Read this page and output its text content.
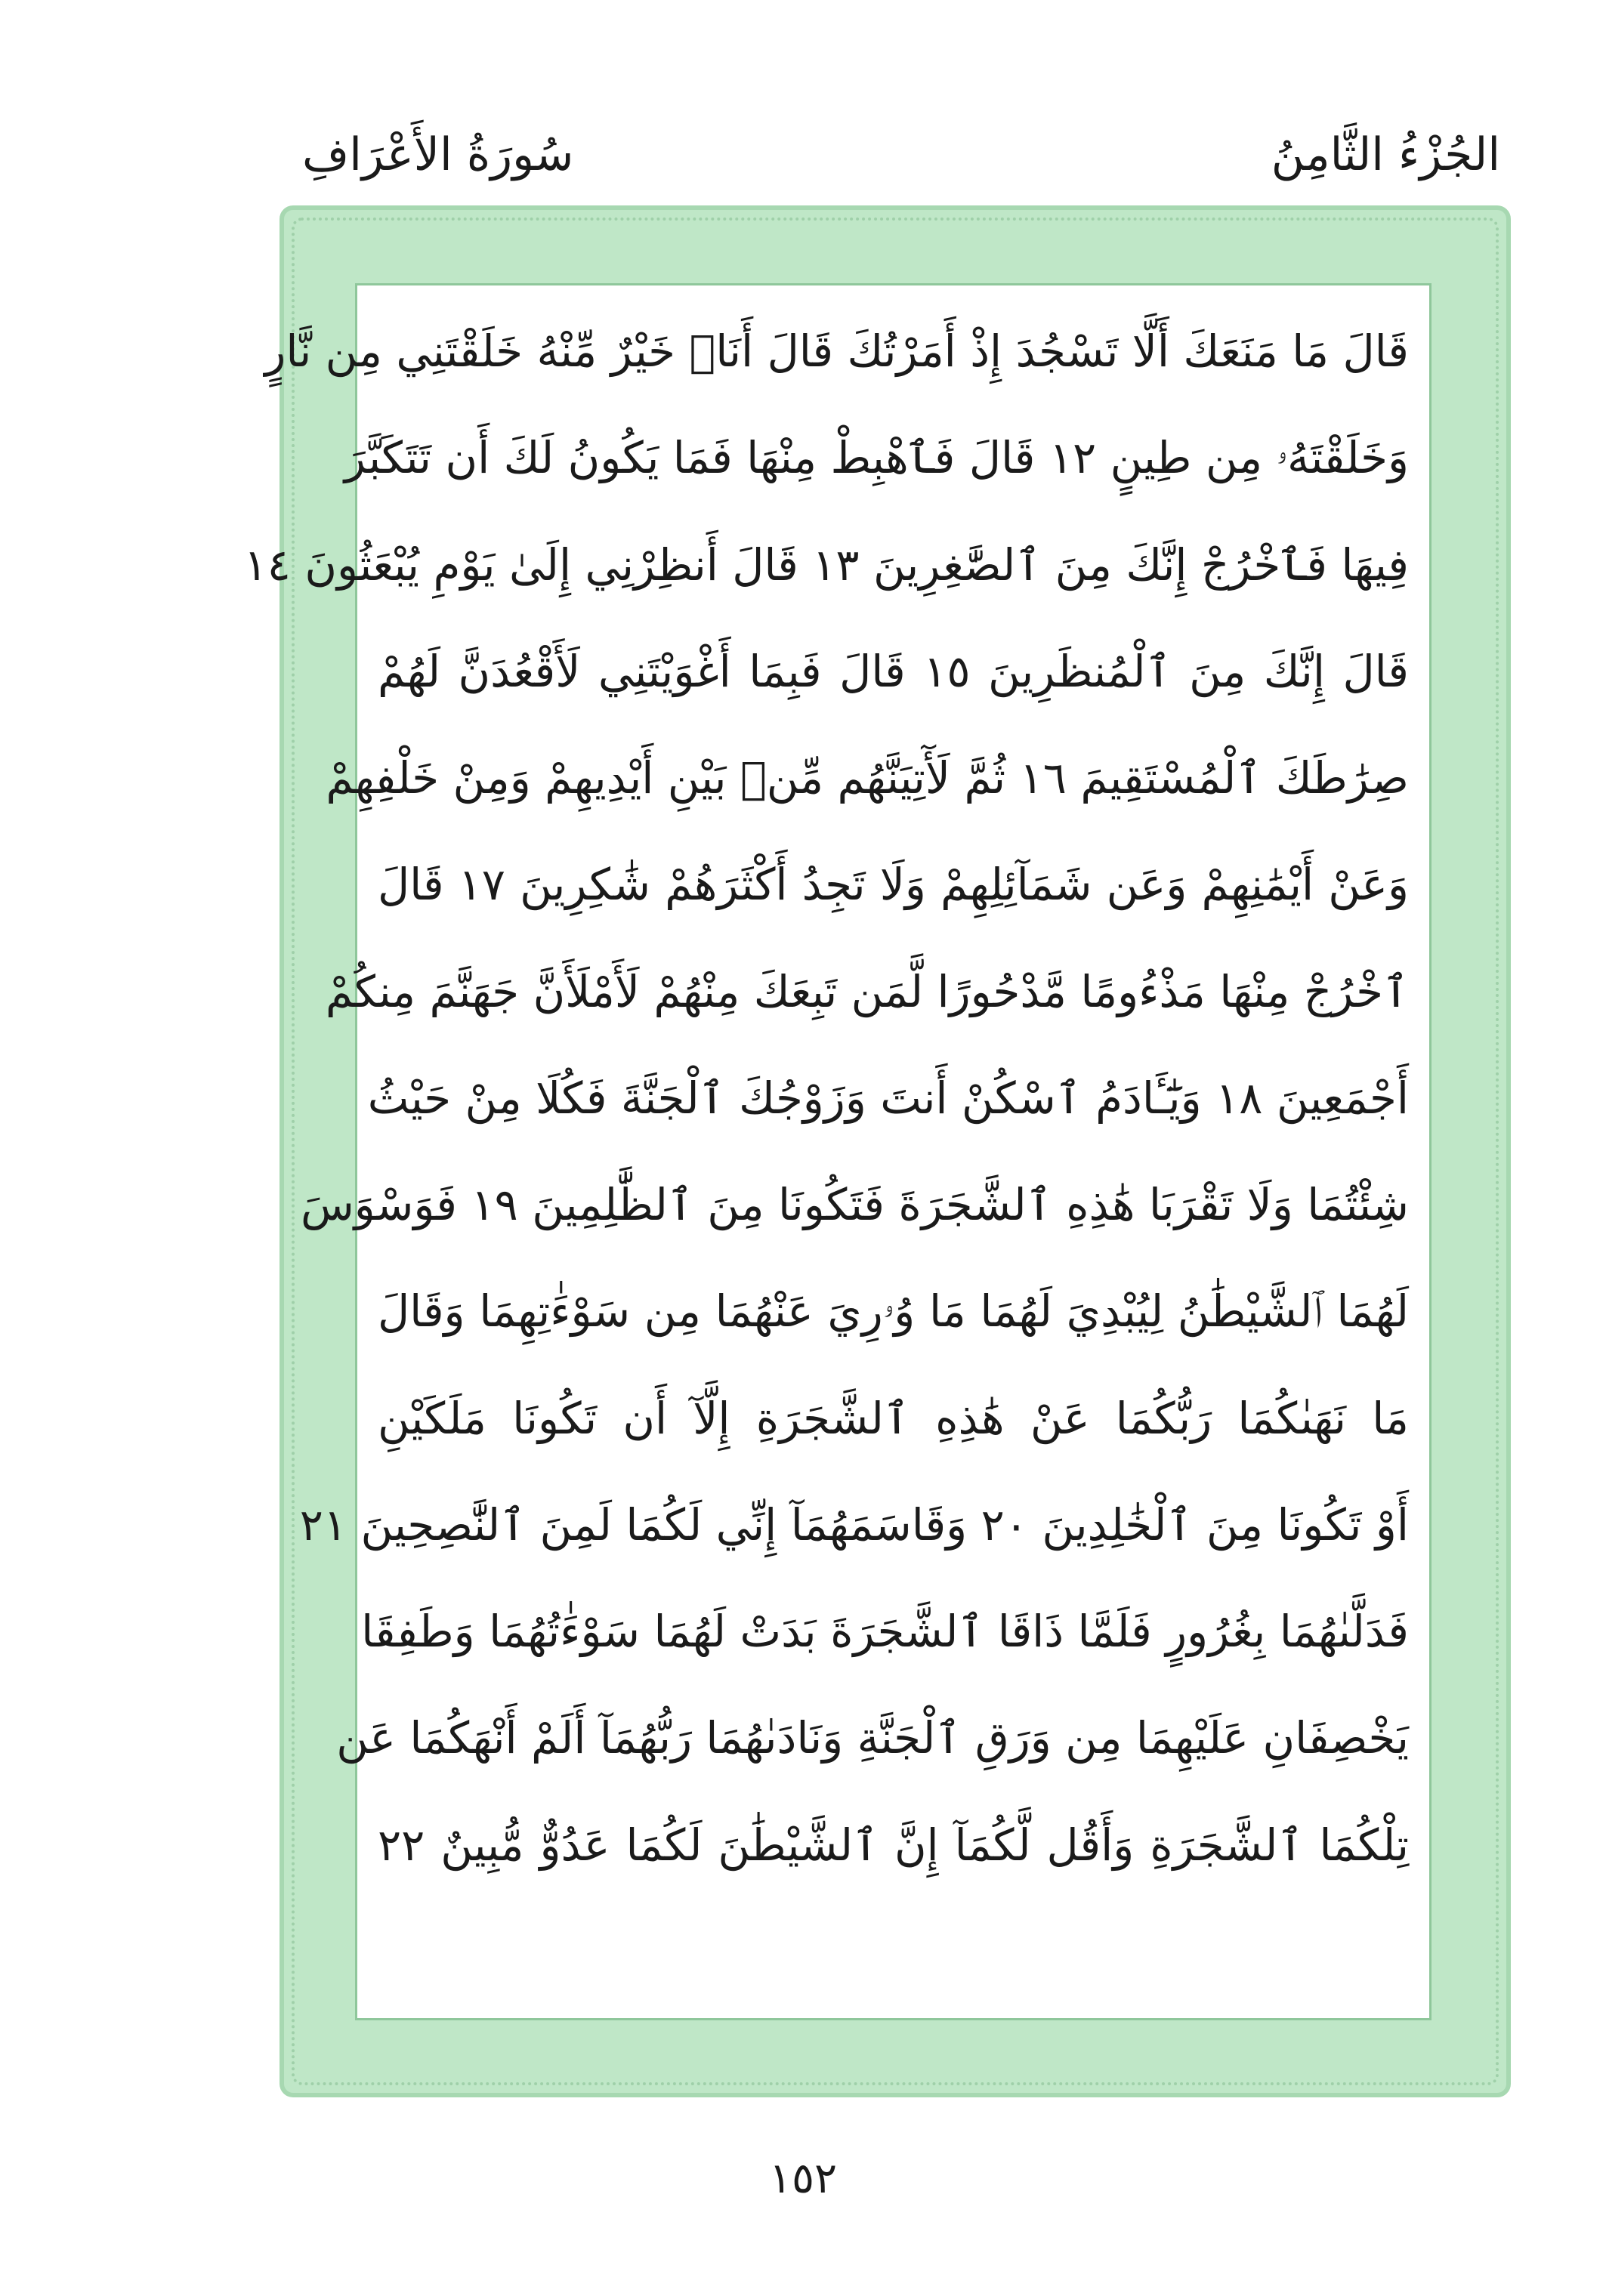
الجُزْءُ الثَّامِنُ
سُورَةُ الأَعْرَافِ
قَالَ مَا مَنَعَكَ أَلَّا تَسْجُدَ إِذْ أَمَرْتُكَ قَالَ أَنَا۠ خَيْرٌ مِّنْهُ خَلَقْتَنِي مِن نَّارٍ
وَخَلَقْتَهُۥ مِن طِينٍ ١٢ قَالَ فَٱهْبِطْ مِنْهَا فَمَا يَكُونُ لَكَ أَن تَتَكَبَّرَ
فِيهَا فَٱخْرُجْ إِنَّكَ مِنَ ٱلصَّٰغِرِينَ ١٣ قَالَ أَنظِرْنِي إِلَىٰ يَوْمِ يُبْعَثُونَ ١٤
قَالَ إِنَّكَ مِنَ ٱلْمُنظَرِينَ ١٥ قَالَ فَبِمَا أَغْوَيْتَنِي لَأَقْعُدَنَّ لَهُمْ
صِرَٰطَكَ ٱلْمُسْتَقِيمَ ١٦ ثُمَّ لَأٓتِيَنَّهُم مِّنۢ بَيْنِ أَيْدِيهِمْ وَمِنْ خَلْفِهِمْ
وَعَنْ أَيْمَٰنِهِمْ وَعَن شَمَآئِلِهِمْ وَلَا تَجِدُ أَكْثَرَهُمْ شَٰكِرِينَ ١٧ قَالَ
ٱخْرُجْ مِنْهَا مَذْءُومًا مَّدْحُورًا لَّمَن تَبِعَكَ مِنْهُمْ لَأَمْلَأَنَّ جَهَنَّمَ مِنكُمْ
أَجْمَعِينَ ١٨ وَيَٰٓـَٔادَمُ ٱسْكُنْ أَنتَ وَزَوْجُكَ ٱلْجَنَّةَ فَكُلَا مِنْ حَيْثُ
شِئْتُمَا وَلَا تَقْرَبَا هَٰذِهِ ٱلشَّجَرَةَ فَتَكُونَا مِنَ ٱلظَّٰلِمِينَ ١٩ فَوَسْوَسَ
لَهُمَا ٱلشَّيْطَٰنُ لِيُبْدِيَ لَهُمَا مَا وُۥرِيَ عَنْهُمَا مِن سَوْءَٰتِهِمَا وَقَالَ
مَا نَهَىٰكُمَا رَبُّكُمَا عَنْ هَٰذِهِ ٱلشَّجَرَةِ إِلَّآ أَن تَكُونَا مَلَكَيْنِ
أَوْ تَكُونَا مِنَ ٱلْخَٰلِدِينَ ٢٠ وَقَاسَمَهُمَآ إِنِّي لَكُمَا لَمِنَ ٱلنَّٰصِحِينَ ٢١
فَدَلَّىٰهُمَا بِغُرُورٍ فَلَمَّا ذَاقَا ٱلشَّجَرَةَ بَدَتْ لَهُمَا سَوْءَٰتُهُمَا وَطَفِقَا
يَخْصِفَانِ عَلَيْهِمَا مِن وَرَقِ ٱلْجَنَّةِ وَنَادَىٰهُمَا رَبُّهُمَآ أَلَمْ أَنْهَكُمَا عَن
تِلْكُمَا ٱلشَّجَرَةِ وَأَقُل لَّكُمَآ إِنَّ ٱلشَّيْطَٰنَ لَكُمَا عَدُوٌّ مُّبِينٌ ٢٢
١٥٢
